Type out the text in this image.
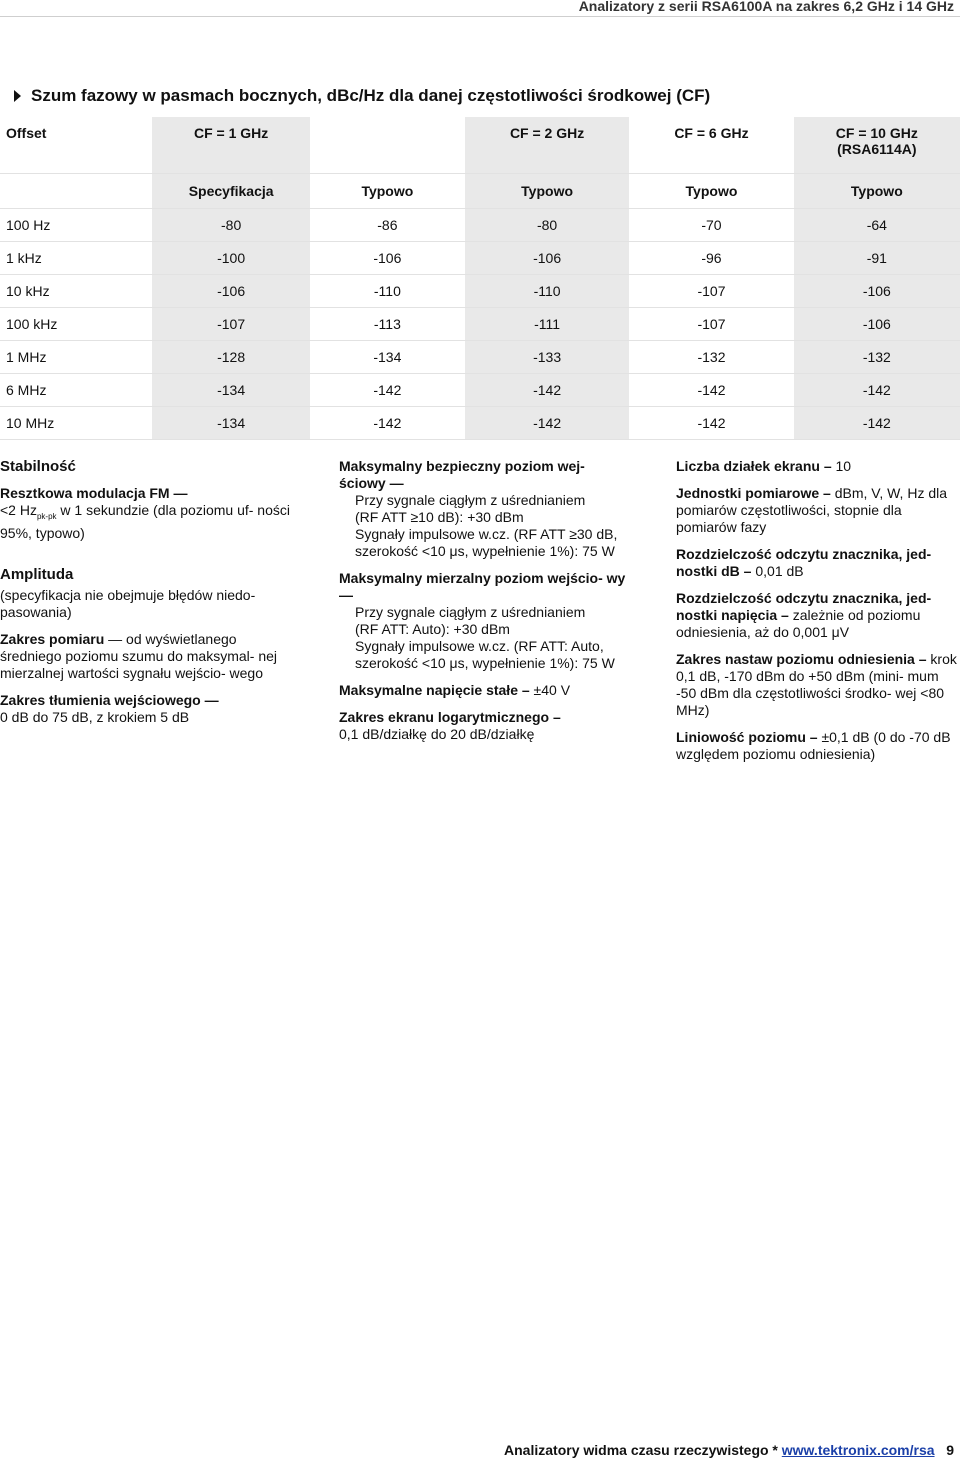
Analizatory z serii RSA6100A na zakres 6,2 GHz i 14 GHz
Szum fazowy w pasmach bocznych, dBc/Hz dla danej częstotliwości środkowej (CF)
Offset	CF = 1 GHz		CF = 2 GHz	CF = 6 GHz	CF = 10 GHz
(RSA6114A)
	Specyfikacja	Typowo	Typowo	Typowo	Typowo
100 Hz	-80	-86	-80	-70	-64
1 kHz	-100	-106	-106	-96	-91
10 kHz	-106	-110	-110	-107	-106
100 kHz	-107	-113	-111	-107	-106
1 MHz	-128	-134	-133	-132	-132
6 MHz	-134	-142	-142	-142	-142
10 MHz	-134	-142	-142	-142	-142
Stabilność
Resztkowa modulacja FM —
<2 $Hz_{pk-pk}$ w 1 sekundzie (dla poziomu uf- ności 95%, typowo)
Amplituda
(specyfikacja nie obejmuje błędów niedo- pasowania)
Zakres pomiaru — od wyświetlanego średniego poziomu szumu do maksymal- nej mierzalnej wartości sygnału wejścio- wego
Zakres tłumienia wejściowego —
0 dB do 75 dB, z krokiem 5 dB
Maksymalny bezpieczny poziom wej- ściowy —
Przy sygnale ciągłym z uśrednianiem
(RF ATT ≥10 dB): +30 dBm
Sygnały impulsowe w.cz. (RF ATT ≥30 dB, szerokość <10 μs, wypełnienie 1%): 75 W
Maksymalny mierzalny poziom wejścio- wy —
Przy sygnale ciągłym z uśrednianiem
(RF ATT: Auto): +30 dBm
Sygnały impulsowe w.cz. (RF ATT: Auto, szerokość <10 μs, wypełnienie 1%): 75 W
Maksymalne napięcie stałe – ±40 V
Zakres ekranu logarytmicznego –
0,1 dB/działkę do 20 dB/działkę
Liczba działek ekranu – 10
Jednostki pomiarowe – dBm, V, W, Hz dla pomiarów częstotliwości, stopnie dla pomiarów fazy
Rozdzielczość odczytu znacznika, jed- nostki dB – 0,01 dB
Rozdzielczość odczytu znacznika, jed- nostki napięcia – zależnie od poziomu odniesienia, aż do 0,001 μV
Zakres nastaw poziomu odniesienia – krok 0,1 dB, -170 dBm do +50 dBm (mini- mum -50 dBm dla częstotliwości środko- wej <80 MHz)
Liniowość poziomu – ±0,1 dB (0 do -70 dB względem poziomu odniesienia)
Analizatory widma czasu rzeczywistego * www.tektronix.com/rsa 9
